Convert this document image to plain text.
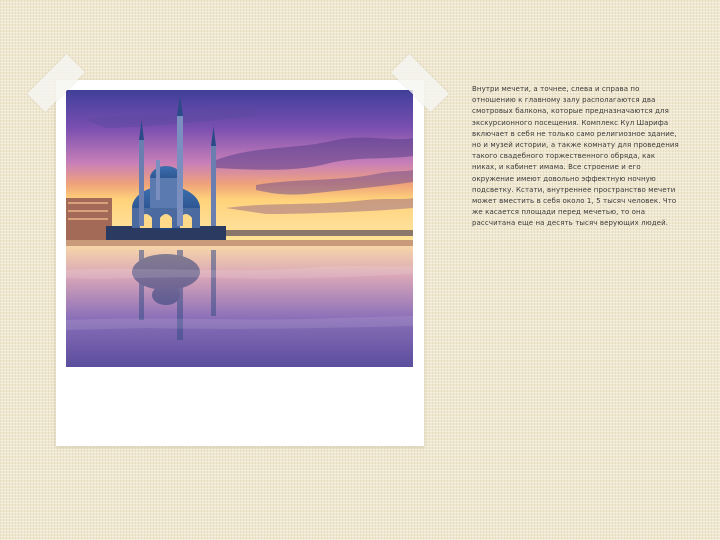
Внутри мечети, а точнее, слева и справа по отношению к главному залу располагаются два смотровых балкона, которые предназначаются для экскурсионного посещения. Комплекс Кул Шарифа включает в себя не только само религиозное здание, но и музей истории, а также комнату для проведения такого свадебного торжественного обряда, как никах, и кабинет имама. Все строение и его окружение имеют довольно эффектную ночную подсветку. Кстати, внутреннее пространство мечети может вместить в себя около 1, 5 тысяч человек. Что же касается площади перед мечетью, то она рассчитана еще на десять тысяч верующих людей.
